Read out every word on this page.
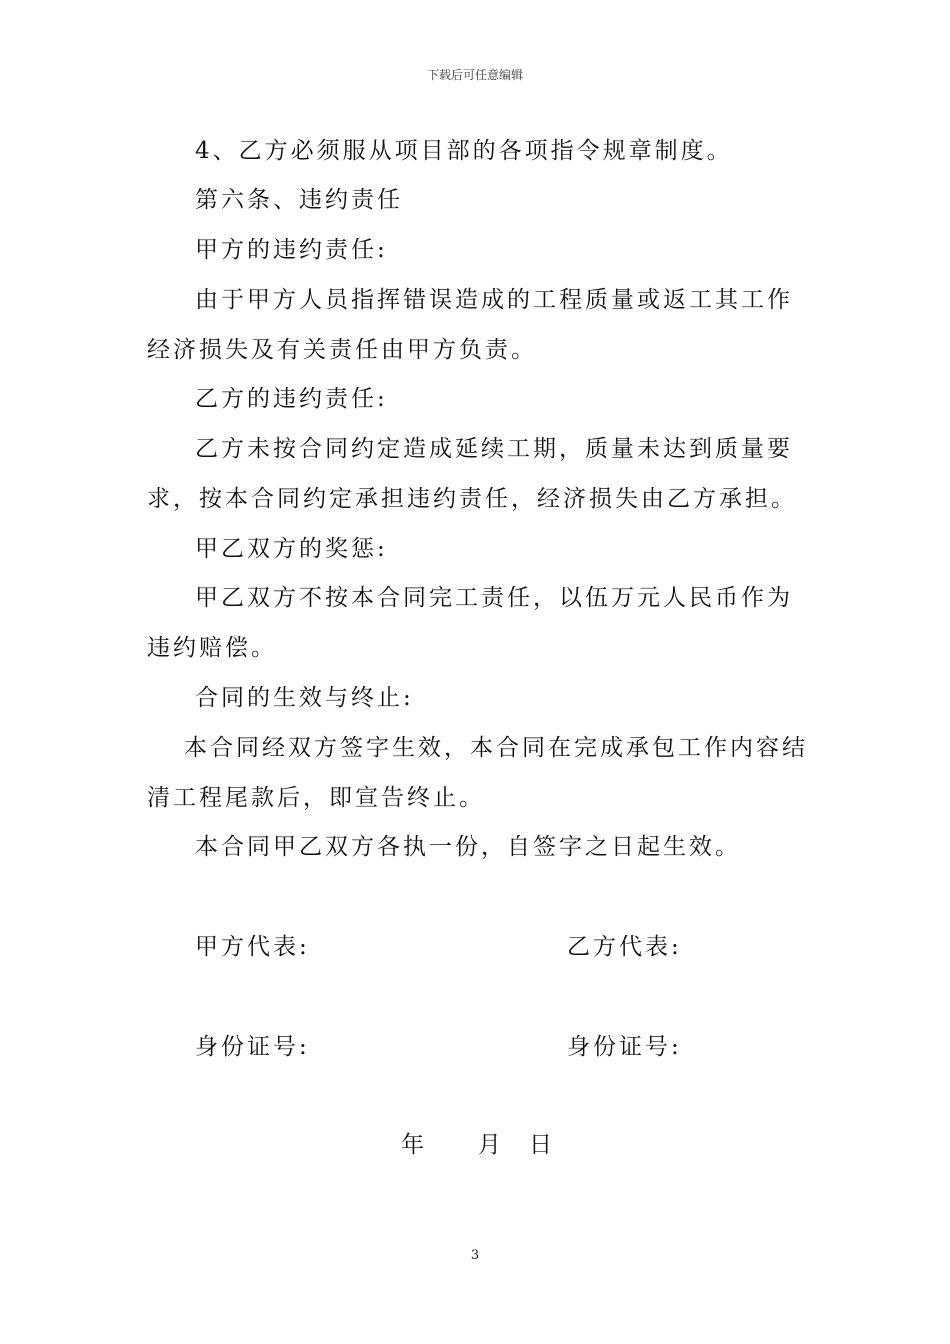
下载后可任意编辑
4、乙方必须服从项目部的各项指令规章制度。
第六条、违约责任
甲方的违约责任:
由于甲方人员指挥错误造成的工程质量或返工其工作
经济损失及有关责任由甲方负责。
乙方的违约责任:
乙方未按合同约定造成延续工期，质量未达到质量要
求，按本合同约定承担违约责任，经济损失由乙方承担。
甲乙双方的奖惩:
甲乙双方不按本合同完工责任，以伍万元人民币作为
违约赔偿。
合同的生效与终止:
本合同经双方签字生效，本合同在完成承包工作内容结
清工程尾款后，即宣告终止。
本合同甲乙双方各执一份，自签字之日起生效。
甲方代表:	乙方代表:
身份证号:	身份证号:
年 月 日
3
